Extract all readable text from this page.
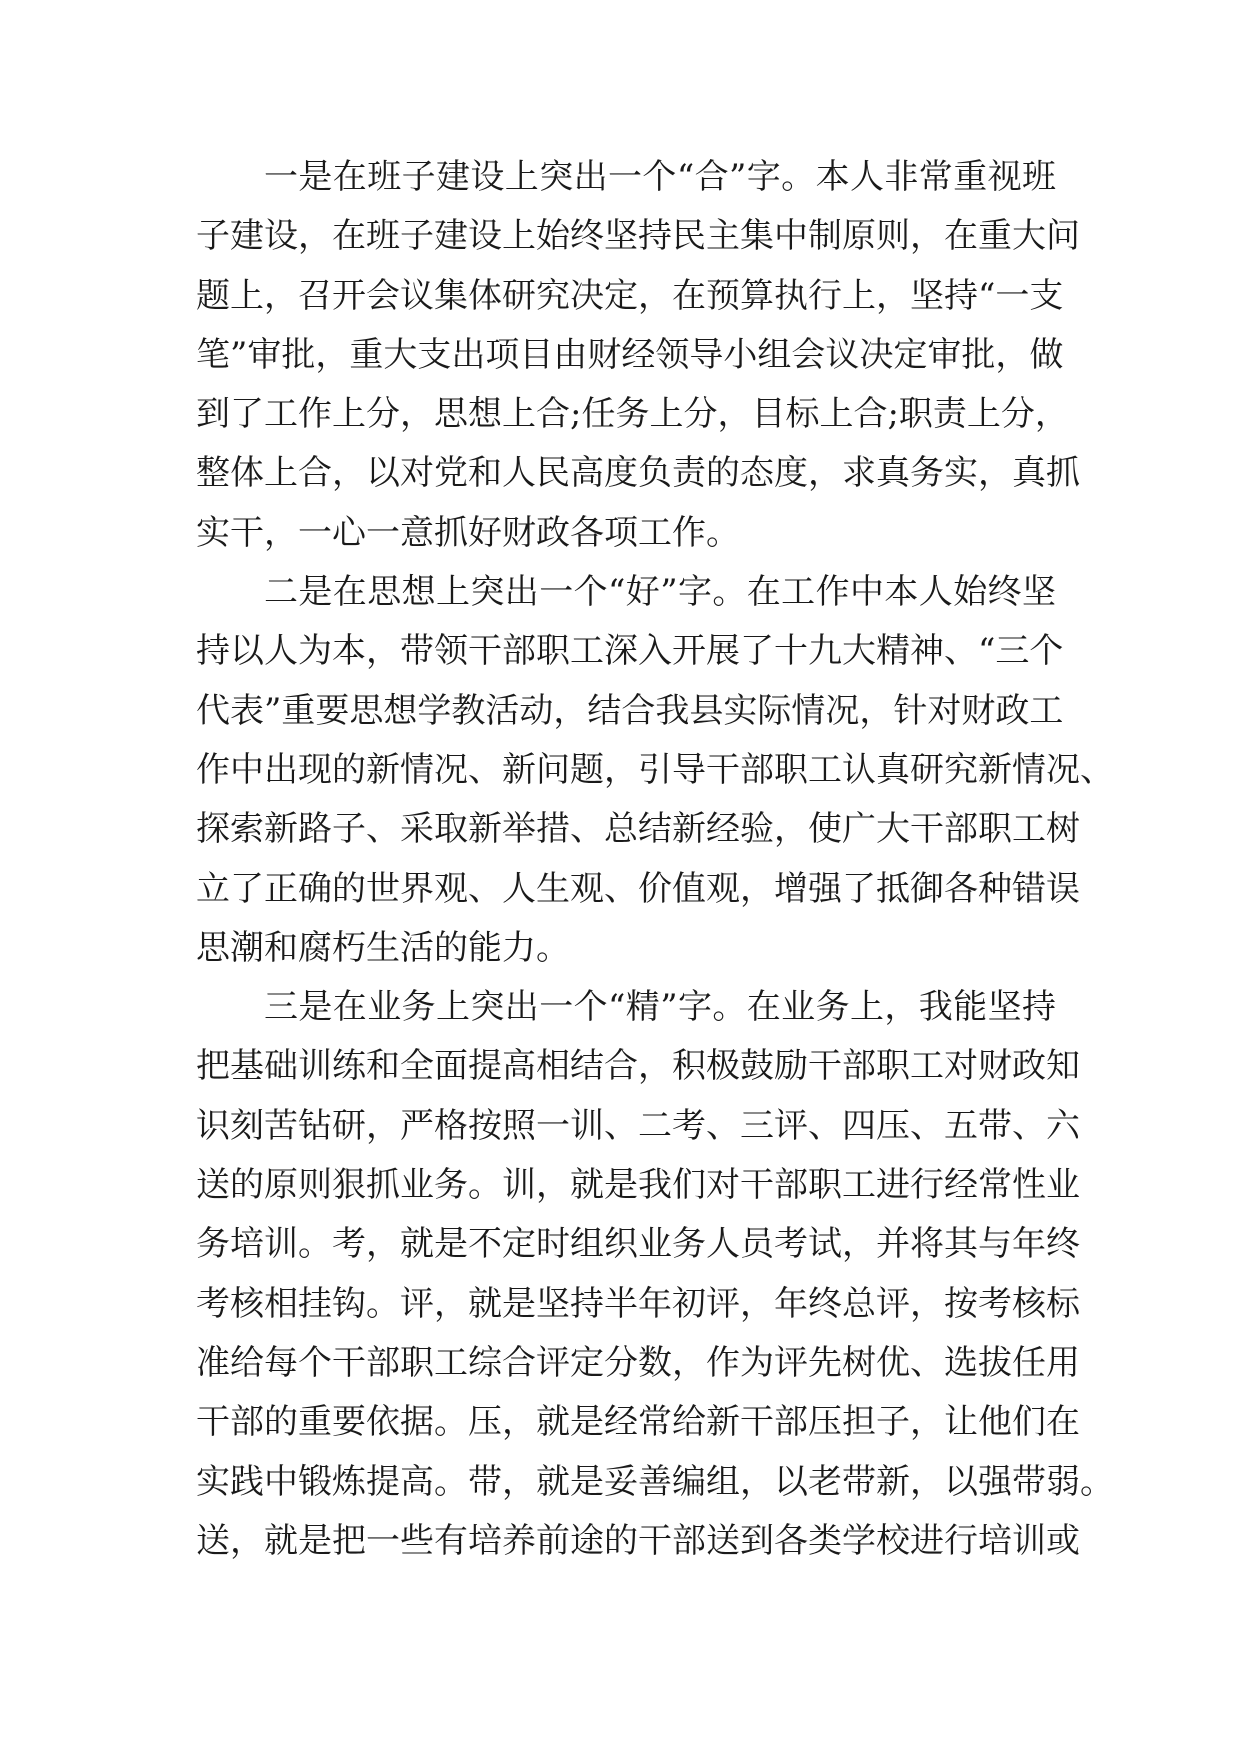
一是在班子建设上突出一个“合”字。本人非常重视班
子建设，在班子建设上始终坚持民主集中制原则，在重大问
题上，召开会议集体研究决定，在预算执行上，坚持“一支
笔”审批，重大支出项目由财经领导小组会议决定审批，做
到了工作上分，思想上合;任务上分，目标上合;职责上分，
整体上合，以对党和人民高度负责的态度，求真务实，真抓
实干，一心一意抓好财政各项工作。
二是在思想上突出一个“好”字。在工作中本人始终坚
持以人为本，带领干部职工深入开展了十九大精神、“三个
代表”重要思想学教活动，结合我县实际情况，针对财政工
作中出现的新情况、新问题，引导干部职工认真研究新情况、
探索新路子、采取新举措、总结新经验，使广大干部职工树
立了正确的世界观、人生观、价值观，增强了抵御各种错误
思潮和腐朽生活的能力。
三是在业务上突出一个“精”字。在业务上，我能坚持
把基础训练和全面提高相结合，积极鼓励干部职工对财政知
识刻苦钻研，严格按照一训、二考、三评、四压、五带、六
送的原则狠抓业务。训，就是我们对干部职工进行经常性业
务培训。考，就是不定时组织业务人员考试，并将其与年终
考核相挂钩。评，就是坚持半年初评，年终总评，按考核标
准给每个干部职工综合评定分数，作为评先树优、选拔任用
干部的重要依据。压，就是经常给新干部压担子，让他们在
实践中锻炼提高。带，就是妥善编组，以老带新，以强带弱。
送，就是把一些有培养前途的干部送到各类学校进行培训或
